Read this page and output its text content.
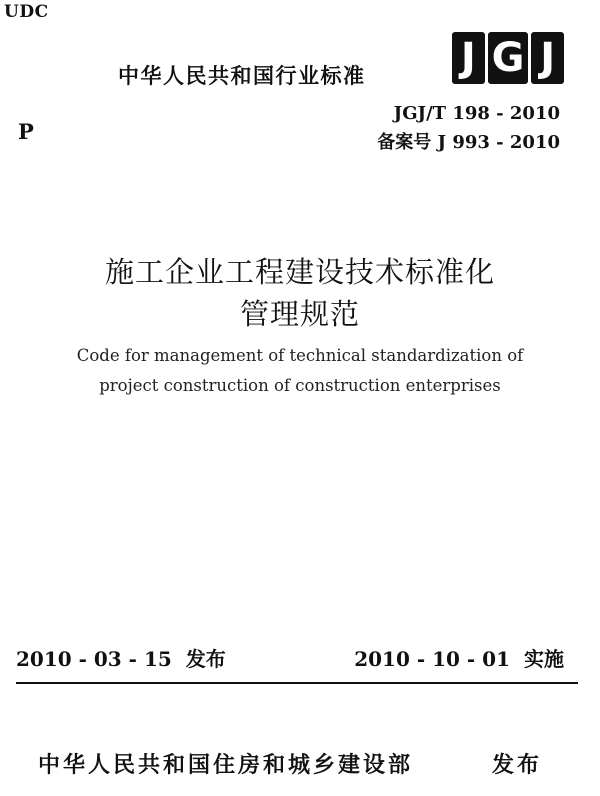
UDC
中华人民共和国行业标准 J G J
P
JGJ/T 198 - 2010
备案号 J 993 - 2010
施工企业工程建设技术标准化
管理规范
Code for management of technical standardization of
project construction of construction enterprises
2010 - 03 - 15 发布	2010 - 10 - 01 实施
中华人民共和国住房和城乡建设部	发布
